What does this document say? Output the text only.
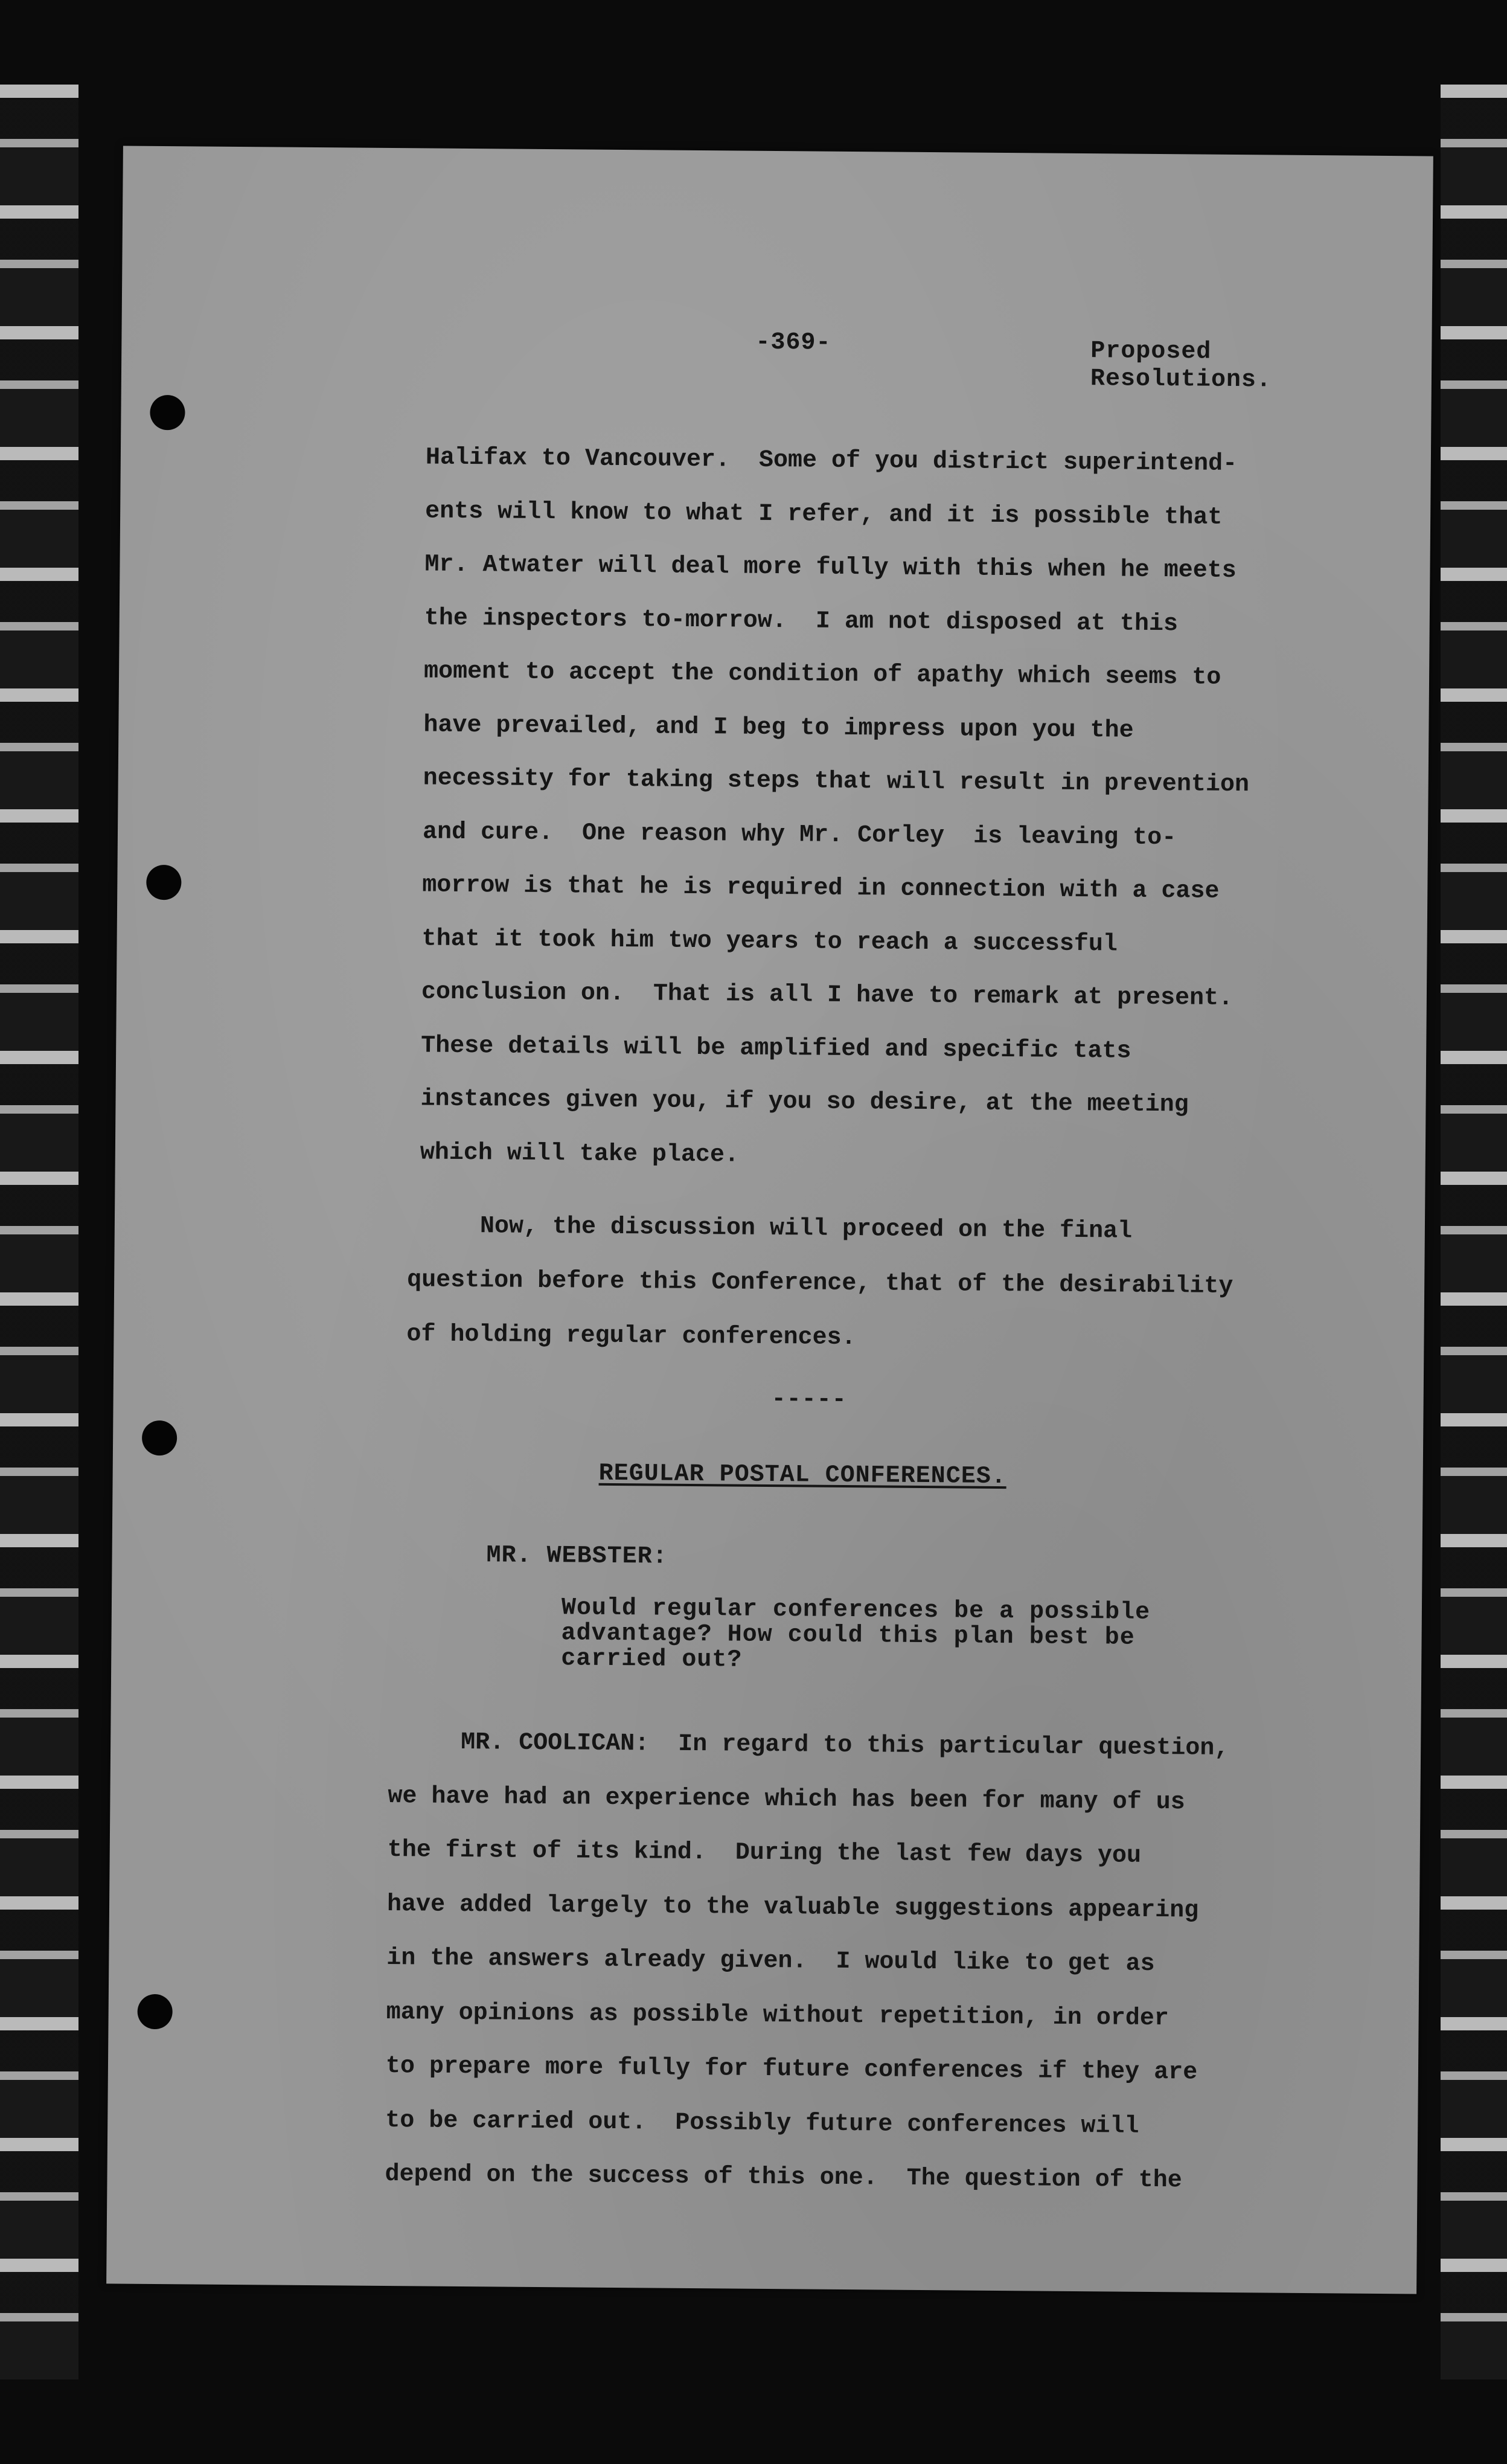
-369-	Proposed
Resolutions.
Halifax to Vancouver.  Some of you district superintend-
ents will know to what I refer, and it is possible that
Mr. Atwater will deal more fully with this when he meets
the inspectors to-morrow.  I am not disposed at this
moment to accept the condition of apathy which seems to
have prevailed, and I beg to impress upon you the
necessity for taking steps that will result in prevention
and cure.  One reason why Mr. Corley  is leaving to-
morrow is that he is required in connection with a case
that it took him two years to reach a successful
conclusion on.  That is all I have to remark at present.
These details will be amplified and specific tats
instances given you, if you so desire, at the meeting
which will take place.
Now, the discussion will proceed on the final
question before this Conference, that of the desirability
of holding regular conferences.
-----
REGULAR POSTAL CONFERENCES.
MR. WEBSTER:
Would regular conferences be a possible
advantage? How could this plan best be
carried out?
MR. COOLICAN:  In regard to this particular question,
we have had an experience which has been for many of us
the first of its kind.  During the last few days you
have added largely to the valuable suggestions appearing
in the answers already given.  I would like to get as
many opinions as possible without repetition, in order
to prepare more fully for future conferences if they are
to be carried out.  Possibly future conferences will
depend on the success of this one.  The question of the
